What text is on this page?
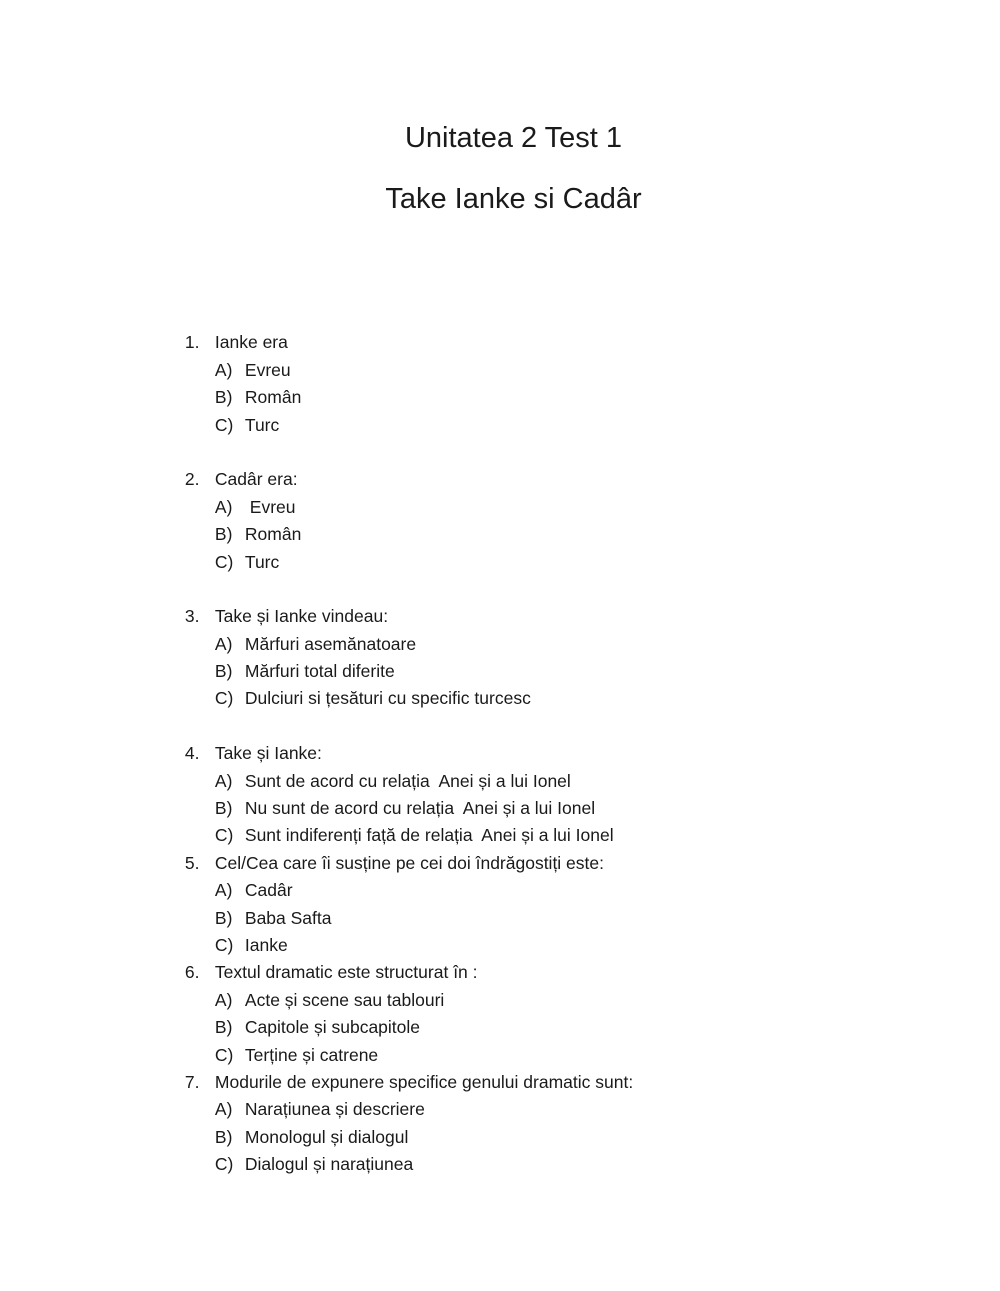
Unitatea 2 Test 1
Take Ianke si Cadâr

1. Ianke era

A) Evreu

B) Român

C) Turc

2. Cadâr era:

A) Evreu

B) Român

C) Turc

3. Take și Ianke vindeau:

A) Mărfuri asemănatoare

B) Mărfuri total diferite

C) Dulciuri si țesături cu specific turcesc

4. Take și Ianke:

A) Sunt de acord cu relația  Anei și a lui Ionel

B) Nu sunt de acord cu relația  Anei și a lui Ionel

C) Sunt indiferenți față de relația  Anei și a lui Ionel

5. Cel/Cea care îi susține pe cei doi îndrăgostiți este:

A) Cadâr

B) Baba Safta

C) Ianke

6. Textul dramatic este structurat în :

A) Acte și scene sau tablouri

B) Capitole și subcapitole

C) Terține și catrene

7. Modurile de expunere specifice genului dramatic sunt:

A) Narațiunea și descriere

B) Monologul și dialogul

C) Dialogul și narațiunea
